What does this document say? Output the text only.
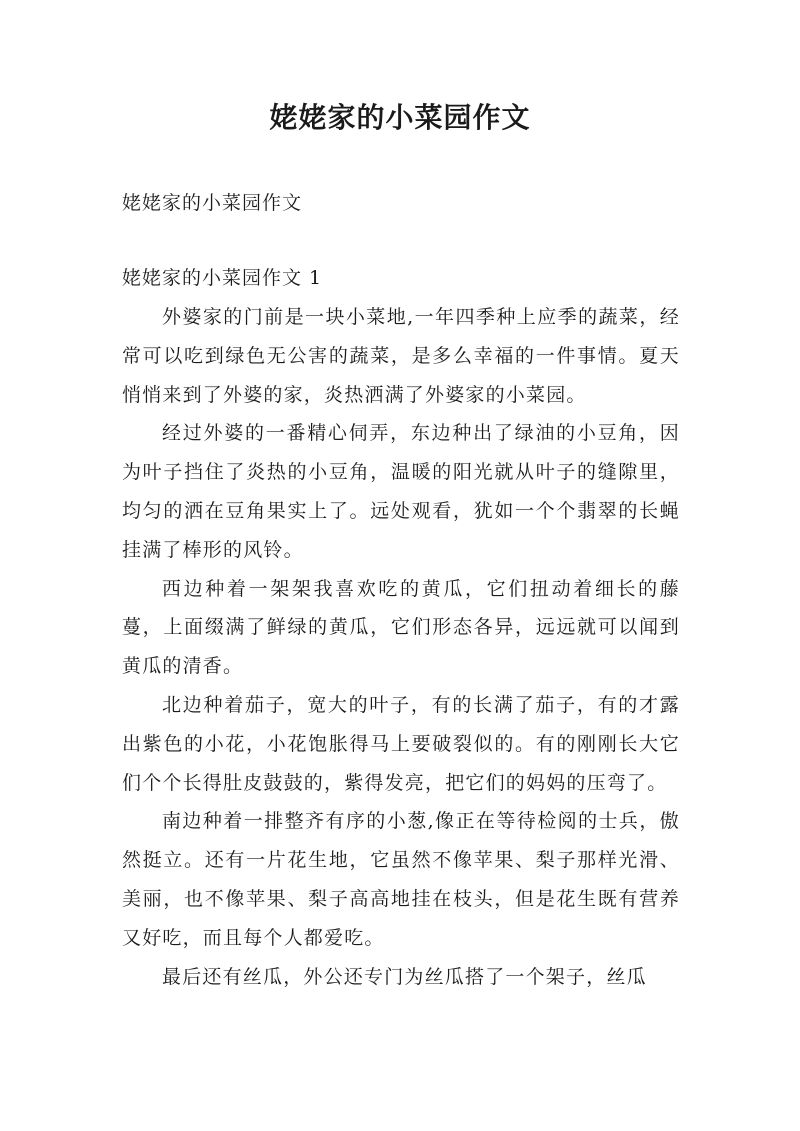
姥姥家的小菜园作文
姥姥家的小菜园作文
姥姥家的小菜园作文 1

外婆家的门前是一块小菜地,一年四季种上应季的蔬菜，经常可以吃到绿色无公害的蔬菜，是多么幸福的一件事情。夏天悄悄来到了外婆的家，炎热洒满了外婆家的小菜园。

经过外婆的一番精心伺弄，东边种出了绿油的小豆角，因为叶子挡住了炎热的小豆角，温暖的阳光就从叶子的缝隙里，均匀的洒在豆角果实上了。远处观看，犹如一个个翡翠的长蝇挂满了棒形的风铃。

西边种着一架架我喜欢吃的黄瓜，它们扭动着细长的藤蔓，上面缀满了鲜绿的黄瓜，它们形态各异，远远就可以闻到黄瓜的清香。

北边种着茄子，宽大的叶子，有的长满了茄子，有的才露出紫色的小花，小花饱胀得马上要破裂似的。有的刚刚长大它们个个长得肚皮鼓鼓的，紫得发亮，把它们的妈妈的压弯了。

南边种着一排整齐有序的小葱,像正在等待检阅的士兵，傲然挺立。还有一片花生地，它虽然不像苹果、梨子那样光滑、美丽，也不像苹果、梨子高高地挂在枝头，但是花生既有营养又好吃，而且每个人都爱吃。

最后还有丝瓜，外公还专门为丝瓜搭了一个架子，丝瓜
